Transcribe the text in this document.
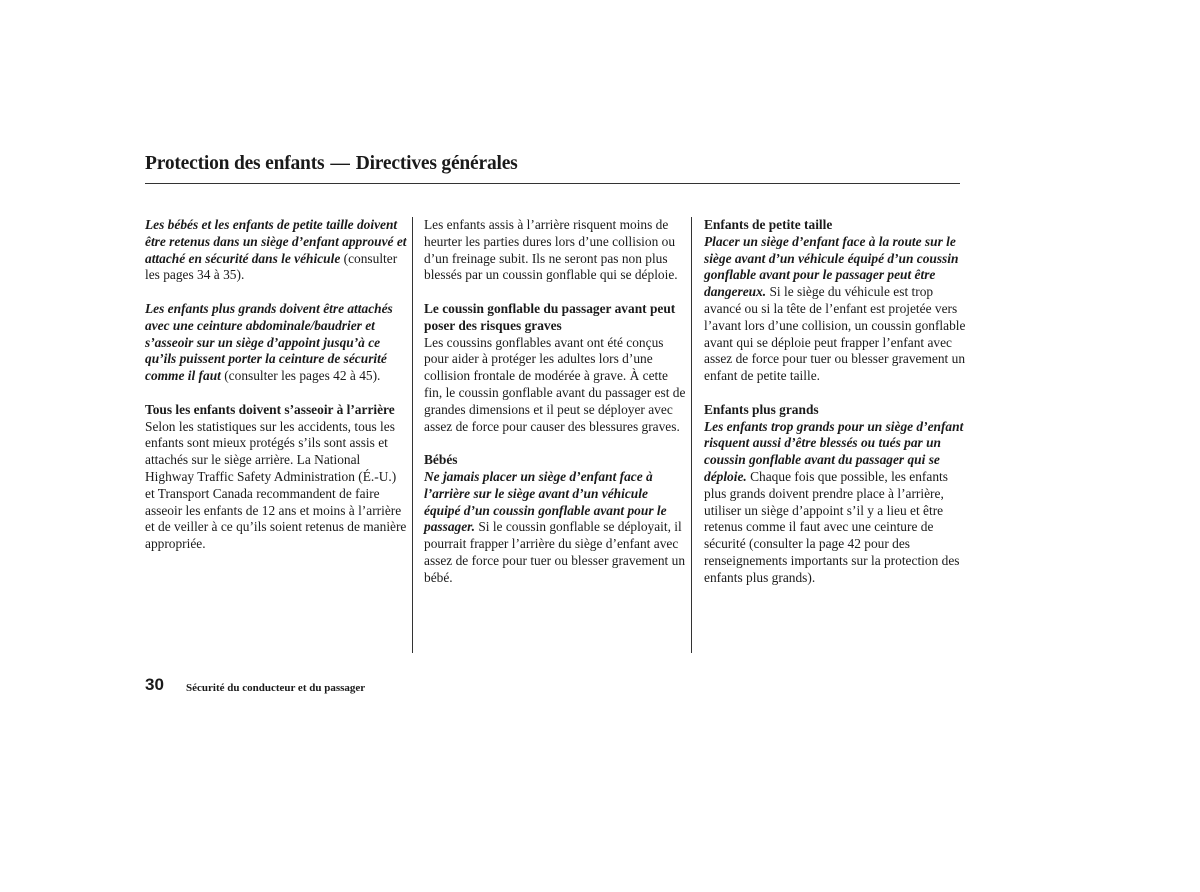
Protection des enfants — Directives générales

Les bébés et les enfants de petite taille doivent être retenus dans un siège d’enfant approuvé et attaché en sécurité dans le véhicule (consulter les pages 34 à 35).

Les enfants plus grands doivent être attachés avec une ceinture abdominale/baudrier et s’asseoir sur un siège d’appoint jusqu’à ce qu’ils puissent porter la ceinture de sécurité comme il faut (consulter les pages 42 à 45).

Tous les enfants doivent s’asseoir à l’arrière
Selon les statistiques sur les accidents, tous les enfants sont mieux protégés s’ils sont assis et attachés sur le siège arrière. La National Highway Traffic Safety Administration (É.-U.) et Transport Canada recommandent de faire asseoir les enfants de 12 ans et moins à l’arrière et de veiller à ce qu’ils soient retenus de manière appropriée.

Les enfants assis à l’arrière risquent moins de heurter les parties dures lors d’une collision ou d’un freinage subit. Ils ne seront pas non plus blessés par un coussin gonflable qui se déploie.

Le coussin gonflable du passager avant peut poser des risques graves
Les coussins gonflables avant ont été conçus pour aider à protéger les adultes lors d’une collision frontale de modérée à grave. À cette fin, le coussin gonflable avant du passager est de grandes dimensions et il peut se déployer avec assez de force pour causer des blessures graves.

Bébés
Ne jamais placer un siège d’enfant face à l’arrière sur le siège avant d’un véhicule équipé d’un coussin gonflable avant pour le passager. Si le coussin gonflable se déployait, il pourrait frapper l’arrière du siège d’enfant avec assez de force pour tuer ou blesser gravement un bébé.

Enfants de petite taille
Placer un siège d’enfant face à la route sur le siège avant d’un véhicule équipé d’un coussin gonflable avant pour le passager peut être dangereux. Si le siège du véhicule est trop avancé ou si la tête de l’enfant est projetée vers l’avant lors d’une collision, un coussin gonflable avant qui se déploie peut frapper l’enfant avec assez de force pour tuer ou blesser gravement un enfant de petite taille.

Enfants plus grands
Les enfants trop grands pour un siège d’enfant risquent aussi d’être blessés ou tués par un coussin gonflable avant du passager qui se déploie. Chaque fois que possible, les enfants plus grands doivent prendre place à l’arrière, utiliser un siège d’appoint s’il y a lieu et être retenus comme il faut avec une ceinture de sécurité (consulter la page 42 pour des renseignements importants sur la protection des enfants plus grands).

30 Sécurité du conducteur et du passager
